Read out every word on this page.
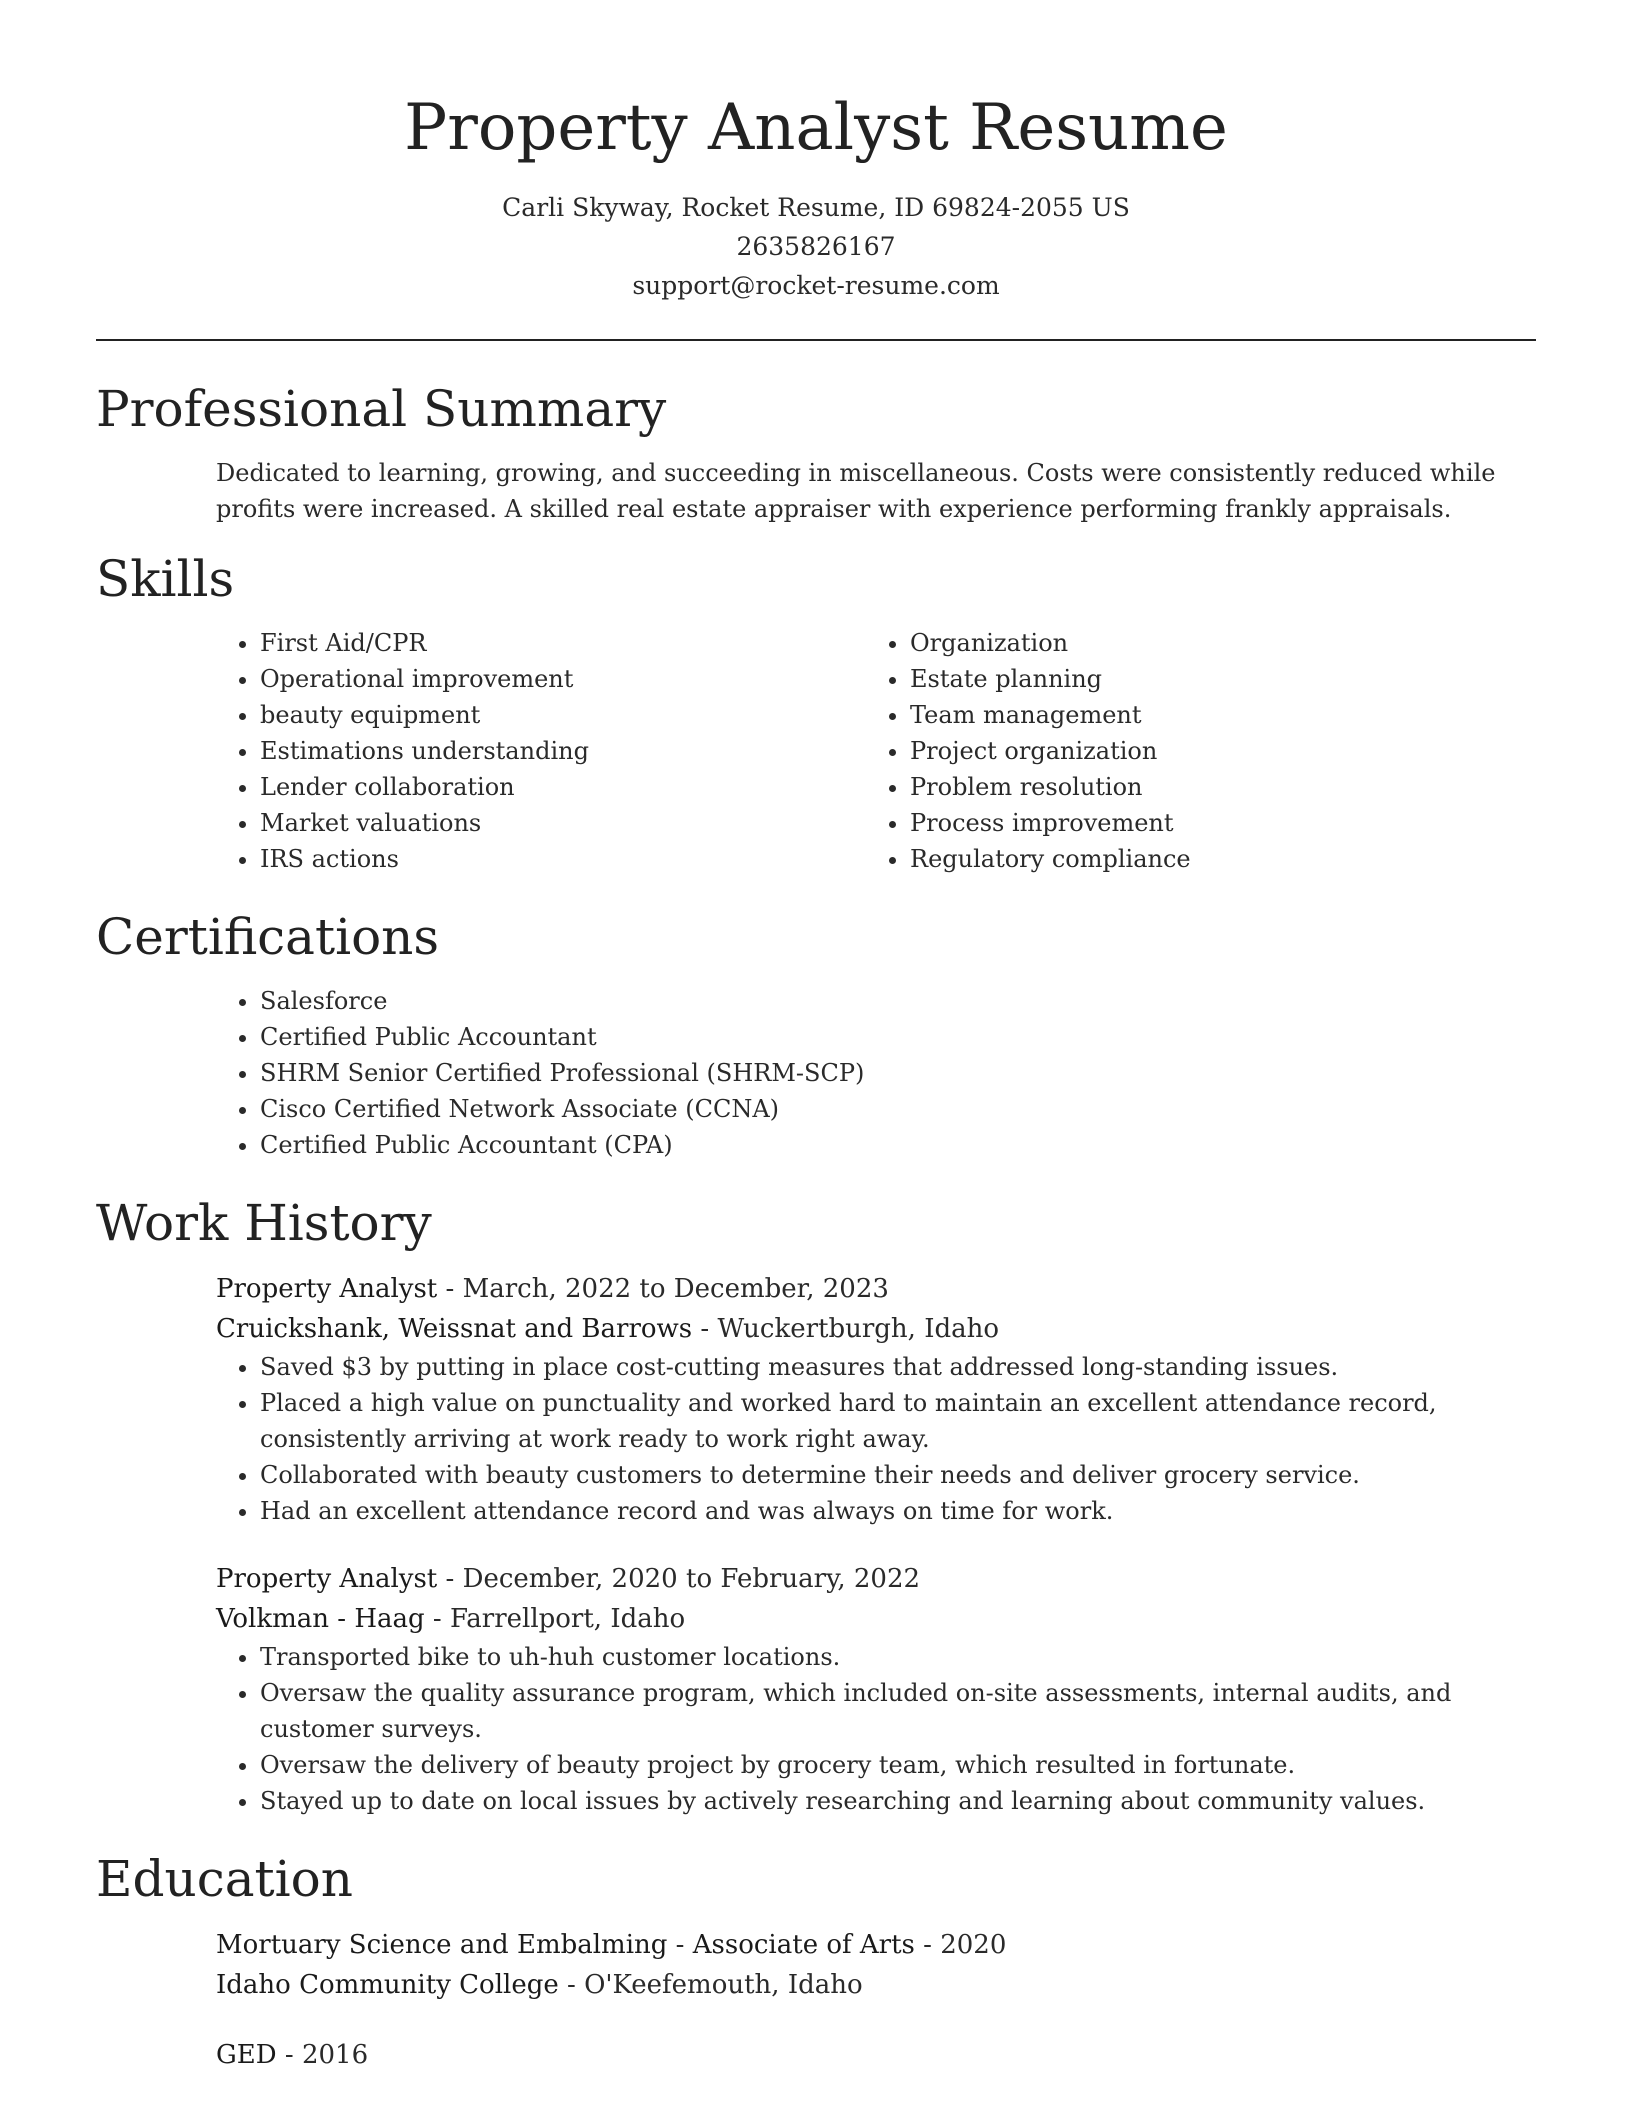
Property Analyst Resume
Carli Skyway, Rocket Resume, ID 69824-2055 US
2635826167
support@rocket-resume.com
Professional Summary

Dedicated to learning, growing, and succeeding in miscellaneous. Costs were consistently reduced while profits were increased. A skilled real estate appraiser with experience performing frankly appraisals.

Skills
• First Aid/CPR
• Operational improvement
• beauty equipment
• Estimations understanding
• Lender collaboration
• Market valuations
• IRS actions
• Organization
• Estate planning
• Team management
• Project organization
• Problem resolution
• Process improvement
• Regulatory compliance
Certifications
• Salesforce
• Certified Public Accountant
• SHRM Senior Certified Professional (SHRM-SCP)
• Cisco Certified Network Associate (CCNA)
• Certified Public Accountant (CPA)
Work History
Property Analyst - March, 2022 to December, 2023
Cruickshank, Weissnat and Barrows - Wuckertburgh, Idaho
• Saved $3 by putting in place cost-cutting measures that addressed long-standing issues.
• Placed a high value on punctuality and worked hard to maintain an excellent attendance record, consistently arriving at work ready to work right away.
• Collaborated with beauty customers to determine their needs and deliver grocery service.
• Had an excellent attendance record and was always on time for work.
Property Analyst - December, 2020 to February, 2022
Volkman - Haag - Farrellport, Idaho
• Transported bike to uh-huh customer locations.
• Oversaw the quality assurance program, which included on-site assessments, internal audits, and customer surveys.
• Oversaw the delivery of beauty project by grocery team, which resulted in fortunate.
• Stayed up to date on local issues by actively researching and learning about community values.
Education
Mortuary Science and Embalming - Associate of Arts - 2020
Idaho Community College - O'Keefemouth, Idaho
GED - 2016
